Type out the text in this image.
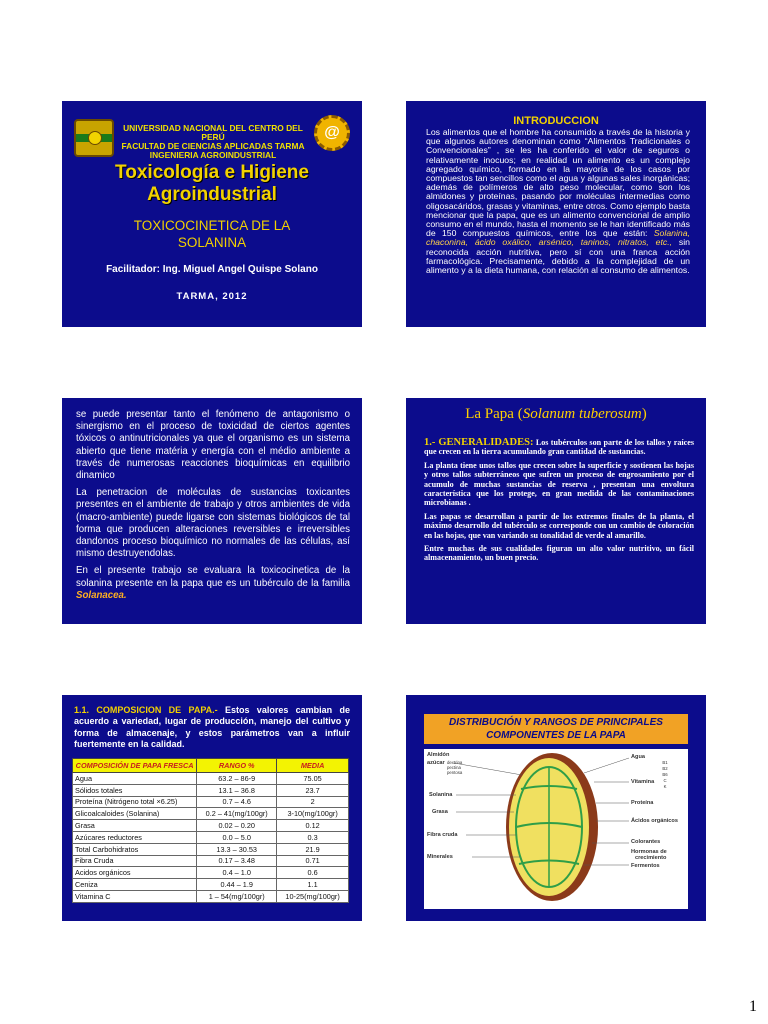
UNIVERSIDAD NACIONAL DEL CENTRO DEL PERÚ
FACULTAD DE CIENCIAS APLICADAS TARMA
INGENIERIA AGROINDUSTRIAL
@
Toxicología e Higiene
Agroindustrial
TOXICOCINETICA DE LA
SOLANINA
Facilitador: Ing. Miguel Angel Quispe Solano
TARMA, 2012
INTRODUCCION
Los alimentos que el hombre ha consumido a través de la historia y que algunos autores denominan como “Alimentos Tradicionales o Convencionales” , se les ha conferido el valor de seguros o relativamente inocuos; en realidad un alimento es un complejo agregado químico, formado en la mayoría de los casos por compuestos tan sencillos como el agua y algunas sales inorgánicas; además de polímeros de alto peso molecular, como son los almidones y proteínas, pasando por moléculas intermedias como oligosacáridos, grasas y vitaminas, entre otros. Como ejemplo basta mencionar que la papa, que es un alimento convencional de amplio consumo en el mundo, hasta el momento se le han identificado más de 150 compuestos químicos, entre los que están: Solanina, chaconina, ácido oxálico, arsénico, taninos, nitratos, etc., sin reconocida acción nutritiva, pero sí con una franca acción farmacológica. Precisamente, debido a la complejidad de un alimento y a la dieta humana, con relación al consumo de alimentos.

se puede presentar tanto el fenómeno de antagonismo o sinergismo en el proceso de toxicidad de ciertos agentes tóxicos o antinutricionales ya que el organismo es un sistema abierto que tiene matéria y energía con el médio ambiente a través de numerosas reacciones bioquímicas en equilibrio dinamico

La penetracion de moléculas de sustancias toxicantes presentes en el ambiente de trabajo y otros ambientes de vida (macro-ambiente) puede ligarse con sistemas biológicos de tal forma que producen alteraciones reversibles e irreversibles dandonos proceso bioquímico no normales de las células, así mismo destruyendolas.

En el presente trabajo se evaluara la toxicocinetica de la solanina presente en la papa que es un tubérculo de la familia Solanacea.

La Papa (Solanum tuberosum)

1.- GENERALIDADES: Los tubérculos son parte de los tallos y raíces que crecen en la tierra acumulando gran cantidad de sustancias.

La planta tiene unos tallos que crecen sobre la superficie y sostienen las hojas y otros tallos subterráneos que sufren un proceso de engrosamiento por el acumulo de muchas sustancias de reserva , presentan una envoltura característica que los protege, en gran medida de las contaminaciones microbianas .

Las papas se desarrollan a partir de los extremos finales de la planta, el máximo desarrollo del tubérculo se corresponde con un cambio de coloración en las hojas, que van variando su tonalidad de verde al amarillo.

Entre muchas de sus cualidades figuran un alto valor nutritivo, un fácil almacenamiento, un buen precio.

1.1. COMPOSICION DE PAPA.- Estos valores cambian de acuerdo a variedad, lugar de producción, manejo del cultivo y forma de almacenaje, y estos parámetros van a influir fuertemente en la calidad.
COMPOSICIÓN DE PAPA FRESCA	RANGO %	MEDIA
Agua	63.2 – 86-9	75.05
Sólidos totales	13.1 – 36.8	23.7
Proteína (Nitrógeno total ×6.25)	0.7 – 4.6	2
Glicoalcaloides (Solanina)	0.2 – 41(mg/100gr)	3-10(mg/100gr)
Grasa	0.02 – 0.20	0.12
Azúcares reductores	0.0 – 5.0	0.3
Total Carbohidratos	13.3 – 30.53	21.9
Fibra Cruda	0.17 – 3.48	0.71
Acidos orgánicos	0.4 – 1.0	0.6
Ceniza	0.44 – 1.9	1.1
Vitamina C	1 – 54(mg/100gr)	10-25(mg/100gr)
DISTRIBUCIÓN Y RANGOS DE PRINCIPALES
COMPONENTES DE LA PAPA
Almidón
azúcar dextrina
pectina
pentosa
Solanina
Grasa
Fibra cruda
Minerales
Agua
Vitamina
B1
B2
B6
C
K
Proteína
Ácidos orgánicos
Colorantes
Hormonas de
crecimiento
Fermentos
1
